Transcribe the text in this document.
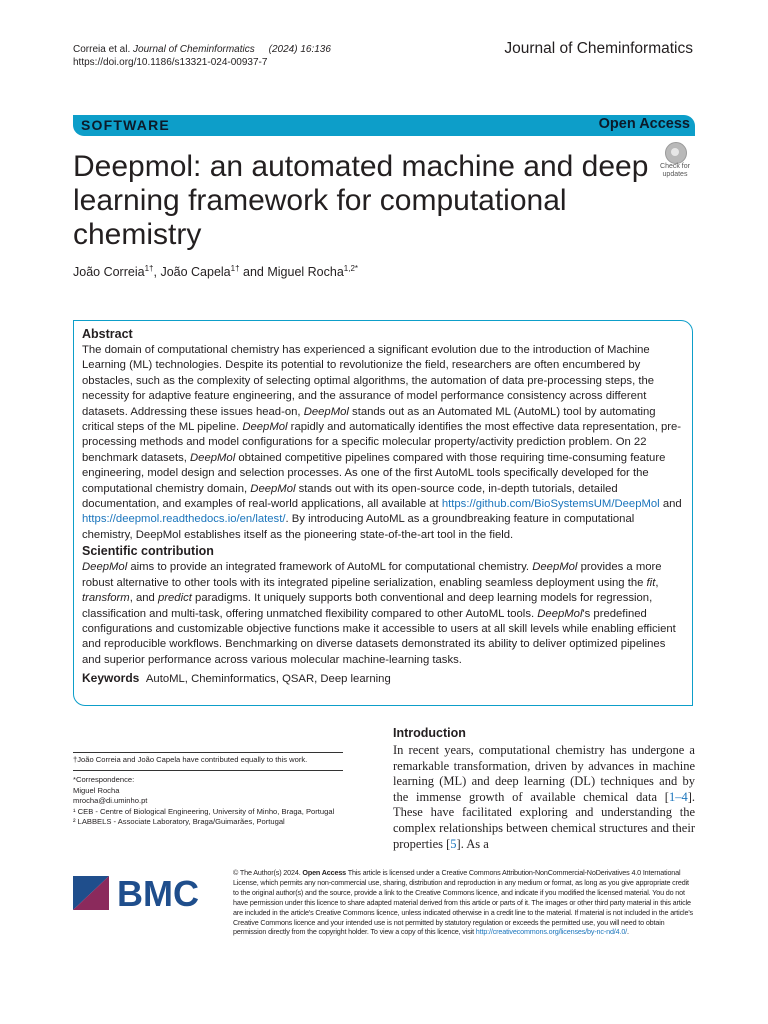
Correia et al. Journal of Cheminformatics (2024) 16:136
https://doi.org/10.1186/s13321-024-00937-7
Journal of Cheminformatics
SOFTWARE	Open Access
Deepmol: an automated machine and deep learning framework for computational chemistry
Check for
updates
João Correia$^{1\dagger}$, João Capela$^{1\dagger}$ and Miguel Rocha$^{1,2*}$
Abstract

The domain of computational chemistry has experienced a significant evolution due to the introduction of Machine Learning (ML) technologies. Despite its potential to revolutionize the field, researchers are often encumbered by obstacles, such as the complexity of selecting optimal algorithms, the automation of data pre-processing steps, the necessity for adaptive feature engineering, and the assurance of model performance consistency across different datasets. Addressing these issues head-on, DeepMol stands out as an Automated ML (AutoML) tool by automating critical steps of the ML pipeline. DeepMol rapidly and automatically identifies the most effective data representation, pre-processing methods and model configurations for a specific molecular property/activity prediction problem. On 22 benchmark datasets, DeepMol obtained competitive pipelines compared with those requiring time-consuming feature engineering, model design and selection processes. As one of the first AutoML tools specifically developed for the computational chemistry domain, DeepMol stands out with its open-source code, in-depth tutorials, detailed documentation, and examples of real-world applications, all available at https://github.com/BioSystemsUM/DeepMol and https://deepmol.readthedocs.io/en/latest/. By introducing AutoML as a groundbreaking feature in computational chemistry, DeepMol establishes itself as the pioneering state-of-the-art tool in the field.

Scientific contribution

DeepMol aims to provide an integrated framework of AutoML for computational chemistry. DeepMol provides a more robust alternative to other tools with its integrated pipeline serialization, enabling seamless deployment using the fit, transform, and predict paradigms. It uniquely supports both conventional and deep learning models for regression, classification and multi-task, offering unmatched flexibility compared to other AutoML tools. DeepMol's predefined configurations and customizable objective functions make it accessible to users at all skill levels while enabling efficient and reproducible workflows. Benchmarking on diverse datasets demonstrated its ability to deliver optimized pipelines and superior performance across various molecular machine-learning tasks.

Keywords AutoML, Cheminformatics, QSAR, Deep learning

†João Correia and João Capela have contributed equally to this work.
*Correspondence:
Miguel Rocha
mrocha@di.uminho.pt
¹ CEB - Centre of Biological Engineering, University of Minho, Braga, Portugal
² LABBELS - Associate Laboratory, Braga/Guimarães, Portugal
Introduction
In recent years, computational chemistry has undergone a remarkable transformation, driven by advances in machine learning (ML) and deep learning (DL) techniques and by the immense growth of available chemical data [1–4]. These have facilitated exploring and understanding the complex relationships between chemical structures and their properties [5]. As a
BMC
© The Author(s) 2024. Open Access This article is licensed under a Creative Commons Attribution-NonCommercial-NoDerivatives 4.0 International License, which permits any non-commercial use, sharing, distribution and reproduction in any medium or format, as long as you give appropriate credit to the original author(s) and the source, provide a link to the Creative Commons licence, and indicate if you modified the licensed material. You do not have permission under this licence to share adapted material derived from this article or parts of it. The images or other third party material in this article are included in the article's Creative Commons licence, unless indicated otherwise in a credit line to the material. If material is not included in the article's Creative Commons licence and your intended use is not permitted by statutory regulation or exceeds the permitted use, you will need to obtain permission directly from the copyright holder. To view a copy of this licence, visit http://creativecommons.org/licenses/by-nc-nd/4.0/.
